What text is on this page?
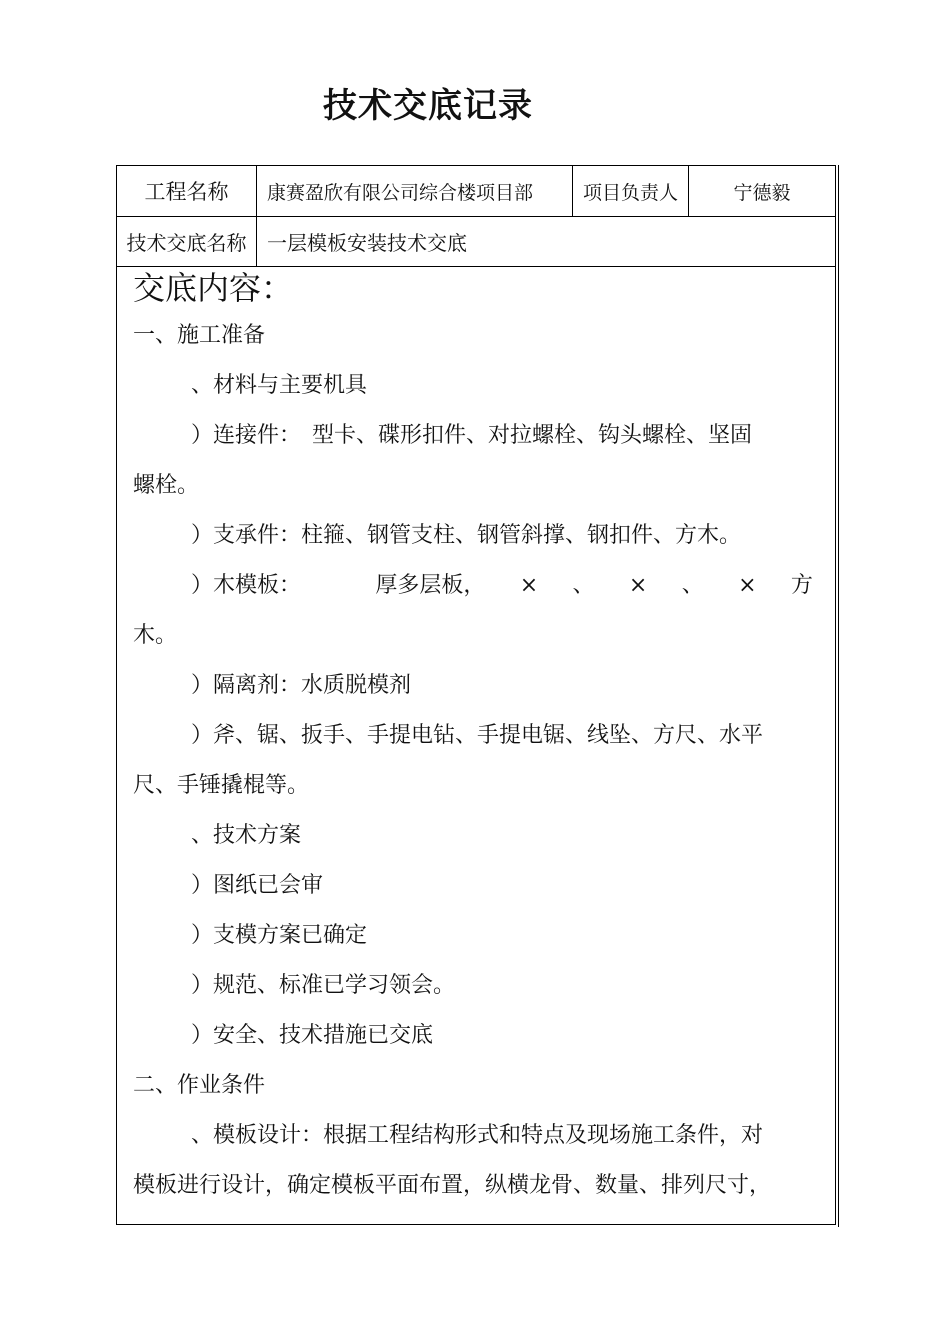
技术交底记录
工程名称	康赛盈欣有限公司综合楼项目部	项目负责人	宁德毅
技术交底名称	一层模板安装技术交底
交底内容：
一、施工准备
、材料与主要机具
）连接件：　型卡、碟形扣件、对拉螺栓、钩头螺栓、坚固
螺栓。
）支承件：柱箍、钢管支柱、钢管斜撑、钢扣件、方木。
）木模板：	厚多层板， × 、 × 、 × 方
木。
）隔离剂：水质脱模剂
）斧、锯、扳手、手提电钻、手提电锯、线坠、方尺、水平
尺、手锤撬棍等。
、技术方案
）图纸已会审
）支模方案已确定
）规范、标准已学习领会。
）安全、技术措施已交底
二、作业条件
、模板设计：根据工程结构形式和特点及现场施工条件，对
模板进行设计，确定模板平面布置，纵横龙骨、数量、排列尺寸，
